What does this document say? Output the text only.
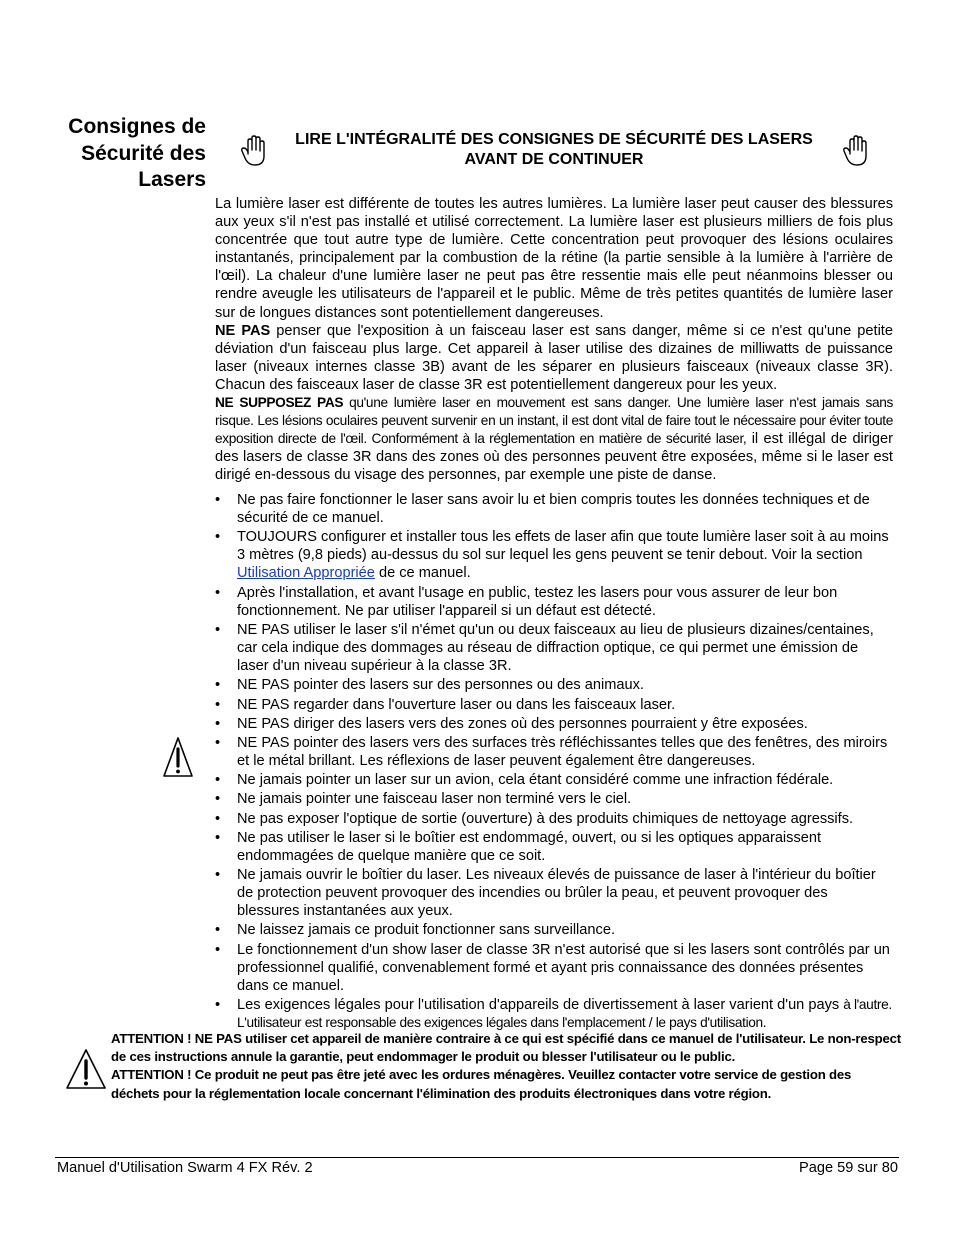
Consignes de
Sécurité des
Lasers
LIRE L'INTÉGRALITÉ DES CONSIGNES DE SÉCURITÉ DES LASERS
AVANT DE CONTINUER

La lumière laser est différente de toutes les autres lumières. La lumière laser peut causer des blessures aux yeux s'il n'est pas installé et utilisé correctement. La lumière laser est plusieurs milliers de fois plus concentrée que tout autre type de lumière. Cette concentration peut provoquer des lésions oculaires instantanés, principalement par la combustion de la rétine (la partie sensible à la lumière à l'arrière de l'œil). La chaleur d'une lumière laser ne peut pas être ressentie mais elle peut néanmoins blesser ou rendre aveugle les utilisateurs de l'appareil et le public. Même de très petites quantités de lumière laser sur de longues distances sont potentiellement dangereuses.

NE PAS penser que l'exposition à un faisceau laser est sans danger, même si ce n'est qu'une petite déviation d'un faisceau plus large. Cet appareil à laser utilise des dizaines de milliwatts de puissance laser (niveaux internes classe 3B) avant de les séparer en plusieurs faisceaux (niveaux classe 3R). Chacun des faisceaux laser de classe 3R est potentiellement dangereux pour les yeux.

NE SUPPOSEZ PAS qu'une lumière laser en mouvement est sans danger. Une lumière laser n'est jamais sans risque. Les lésions oculaires peuvent survenir en un instant, il est dont vital de faire tout le nécessaire pour éviter toute exposition directe de l'œil. Conformément à la réglementation en matière de sécurité laser, il est illégal de diriger des lasers de classe 3R dans des zones où des personnes peuvent être exposées, même si le laser est dirigé en-dessous du visage des personnes, par exemple une piste de danse.

• Ne pas faire fonctionner le laser sans avoir lu et bien compris toutes les données techniques et de sécurité de ce manuel.
• TOUJOURS configurer et installer tous les effets de laser afin que toute lumière laser soit à au moins 3 mètres (9,8 pieds) au-dessus du sol sur lequel les gens peuvent se tenir debout. Voir la section Utilisation Appropriée de ce manuel.
• Après l'installation, et avant l'usage en public, testez les lasers pour vous assurer de leur bon fonctionnement. Ne par utiliser l'appareil si un défaut est détecté.
• NE PAS utiliser le laser s'il n'émet qu'un ou deux faisceaux au lieu de plusieurs dizaines/centaines, car cela indique des dommages au réseau de diffraction optique, ce qui permet une émission de laser d'un niveau supérieur à la classe 3R.
• NE PAS pointer des lasers sur des personnes ou des animaux.
• NE PAS regarder dans l'ouverture laser ou dans les faisceaux laser.
• NE PAS diriger des lasers vers des zones où des personnes pourraient y être exposées.
• NE PAS pointer des lasers vers des surfaces très réfléchissantes telles que des fenêtres, des miroirs et le métal brillant. Les réflexions de laser peuvent également être dangereuses.
• Ne jamais pointer un laser sur un avion, cela étant considéré comme une infraction fédérale.
• Ne jamais pointer une faisceau laser non terminé vers le ciel.
• Ne pas exposer l'optique de sortie (ouverture) à des produits chimiques de nettoyage agressifs.
• Ne pas utiliser le laser si le boîtier est endommagé, ouvert, ou si les optiques apparaissent endommagées de quelque manière que ce soit.
• Ne jamais ouvrir le boîtier du laser. Les niveaux élevés de puissance de laser à l'intérieur du boîtier de protection peuvent provoquer des incendies ou brûler la peau, et peuvent provoquer des blessures instantanées aux yeux.
• Ne laissez jamais ce produit fonctionner sans surveillance.
• Le fonctionnement d'un show laser de classe 3R n'est autorisé que si les lasers sont contrôlés par un professionnel qualifié, convenablement formé et ayant pris connaissance des données présentes dans ce manuel.
• Les exigences légales pour l'utilisation d'appareils de divertissement à laser varient d'un pays à l'autre. L'utilisateur est responsable des exigences légales dans l'emplacement / le pays d'utilisation.

ATTENTION ! NE PAS utiliser cet appareil de manière contraire à ce qui est spécifié dans ce manuel de l'utilisateur. Le non-respect de ces instructions annule la garantie, peut endommager le produit ou blesser l'utilisateur ou le public.

ATTENTION ! Ce produit ne peut pas être jeté avec les ordures ménagères. Veuillez contacter votre service de gestion des déchets pour la réglementation locale concernant l'élimination des produits électroniques dans votre région.

Manuel d'Utilisation Swarm 4 FX Rév. 2	Page 59 sur 80
